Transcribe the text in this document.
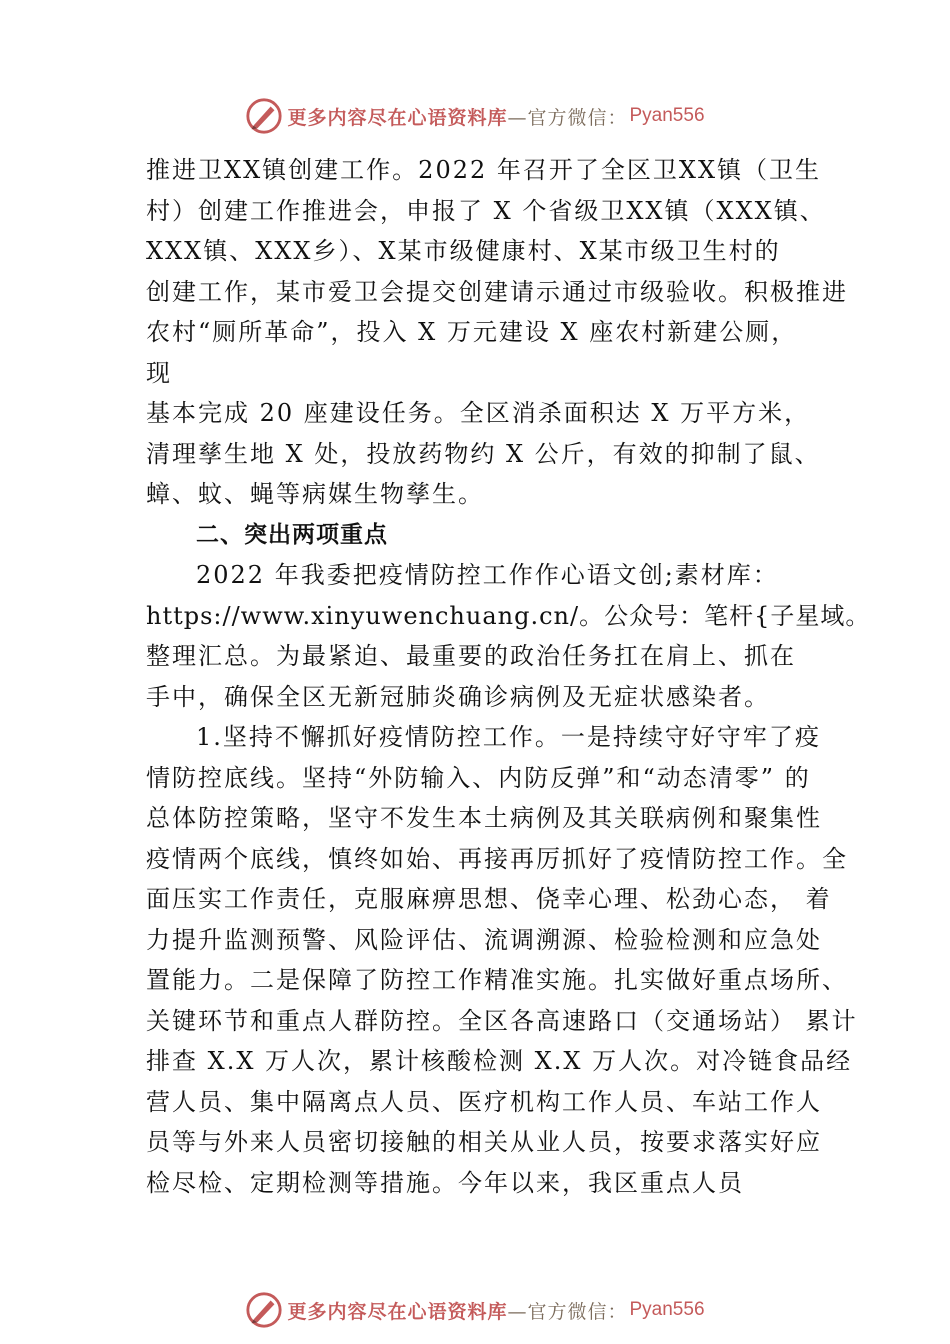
更多内容尽在心语资料库 —官方微信： Pyan556
推进卫XX镇创建工作。2022 年召开了全区卫XX镇（卫生
村）创建工作推进会，申报了 X 个省级卫XX镇（XXX镇、
XXX镇、XXX乡）、X某市级健康村、X某市级卫生村的
创建工作，某市爱卫会提交创建请示通过市级验收。积极推进
农村“厕所革命”，投入 X 万元建设 X 座农村新建公厕，
现
基本完成 20 座建设任务。全区消杀面积达 X 万平方米，
清理孳生地 X 处，投放药物约 X 公斤，有效的抑制了鼠、
蟑、蚊、蝇等病媒生物孳生。
二、突出两项重点
2022 年我委把疫情防控工作作心语文创;素材库：
https://www.xinyuwenchuang.cn/。公众号：笔杆{子星域。
整理汇总。为最紧迫、最重要的政治任务扛在肩上、抓在
手中，确保全区无新冠肺炎确诊病例及无症状感染者。
1.坚持不懈抓好疫情防控工作。一是持续守好守牢了疫
情防控底线。坚持“外防输入、内防反弹”和“动态清零” 的
总体防控策略，坚守不发生本土病例及其关联病例和聚集性
疫情两个底线，慎终如始、再接再厉抓好了疫情防控工作。全
面压实工作责任，克服麻痹思想、侥幸心理、松劲心态， 着
力提升监测预警、风险评估、流调溯源、检验检测和应急处
置能力。二是保障了防控工作精准实施。扎实做好重点场所、
关键环节和重点人群防控。全区各高速路口（交通场站） 累计
排查 X.X 万人次，累计核酸检测 X.X 万人次。对冷链食品经
营人员、集中隔离点人员、医疗机构工作人员、车站工作人
员等与外来人员密切接触的相关从业人员，按要求落实好应
检尽检、定期检测等措施。今年以来，我区重点人员
更多内容尽在心语资料库 —官方微信： Pyan556
